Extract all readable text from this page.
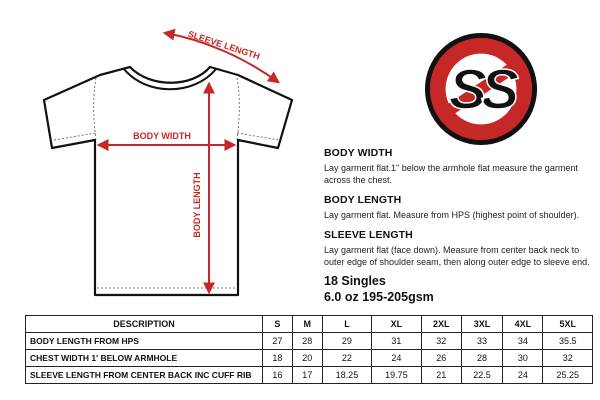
SLEEVE LENGTH
BODY LENGTH
BODY WIDTH
SS
BODY WIDTH

Lay garment flat.1" below the armhole flat measure the garment across the chest.

BODY LENGTH

Lay garment flat. Measure from HPS (highest point of shoulder).

SLEEVE LENGTH

Lay garment flat (face down). Measure from center back neck to outer edge of shoulder seam, then along outer edge to sleeve end.

18 Singles
6.0 oz 195-205gsm
DESCRIPTION	S	M	L	XL	2XL	3XL	4XL	5XL
BODY LENGTH FROM HPS	27	28	29	31	32	33	34	35.5
CHEST WIDTH 1' BELOW ARMHOLE	18	20	22	24	26	28	30	32
SLEEVE LENGTH FROM CENTER BACK INC CUFF RIB	16	17	18.25	19.75	21	22.5	24	25.25
